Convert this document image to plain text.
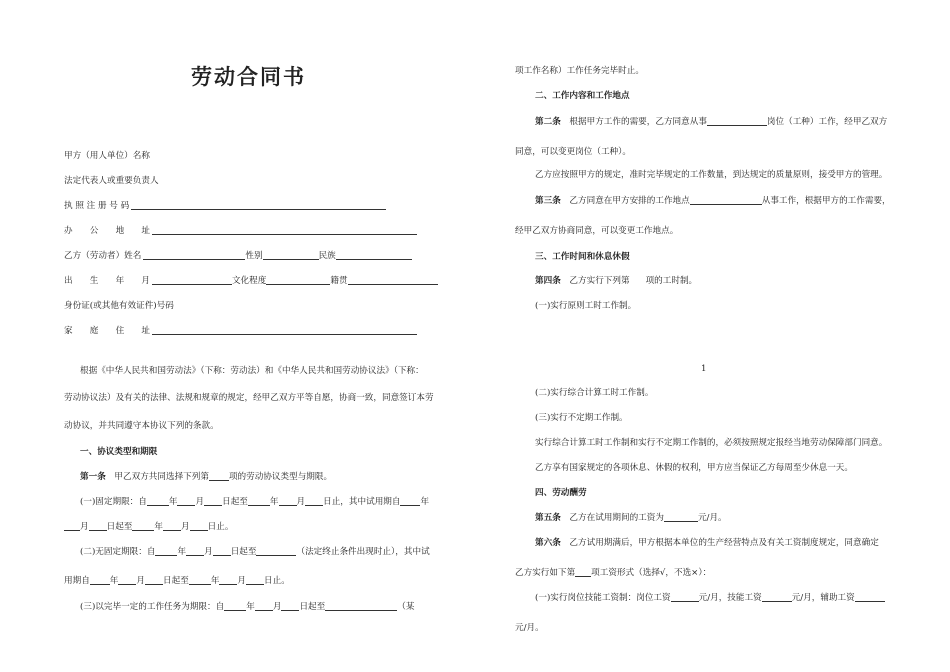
劳动合同书
甲方（用人单位）名称
法定代表人或重要负责人
执 照 注 册 号 码
办　　公　　地　　址
乙方（劳动者）姓名	性别	民族
出　　生　　年　　月	文化程度	籍贯
身份证(或其他有效证件)号码
家　　庭　　住　　址
根据《中华人民共和国劳动法》（下称：劳动法）和《中华人民共和国劳动协议法》（下称：
劳动协议法）及有关的法律、法规和规章的规定，经甲乙双方平等自愿，协商一致，同意签订本劳
动协议，并共同遵守本协议下列的条款。
一、协议类型和期限
第一条　 甲乙双方共同选择下列第 项的劳动协议类型与期限。
(一)固定期限：自	年 月 日起至	年 月 日止，其中试用期自 年
月 日起至	年 月 日止。
(二)无固定期限：自	年 月 日起至	（法定终止条件出现时止），其中试
用期自 年 月 日起至	年 月 日止。
(三)以完毕一定的工作任务为期限：自	年 月 日起至	（某
项工作名称）工作任务完毕时止。
二、工作内容和工作地点
第二条　 根据甲方工作的需要，乙方同意从事	岗位（工种）工作，经甲乙双方
同意，可以变更岗位（工种）。
乙方应按照甲方的规定，准时完毕规定的工作数量，到达规定的质量原则，接受甲方的管理。
第三条　 乙方同意在甲方安排的工作地点	从事工作，根据甲方的工作需要，
经甲乙双方协商同意，可以变更工作地点。
三、工作时间和休息休假
第四条　 乙方实行下列第 项的工时制。
(一)实行原则工时工作制。
1
(二)实行综合计算工时工作制。
(三)实行不定期工作制。
实行综合计算工时工作制和实行不定期工作制的，必须按照规定报经当地劳动保障部门同意。
乙方享有国家规定的各项休息、休假的权利，甲方应当保证乙方每周至少休息一天。
四、劳动酬劳
第五条　 乙方在试用期间的工资为	元/月。
第六条　 乙方试用期满后，甲方根据本单位的生产经营特点及有关工资制度规定，同意确定
乙方实行如下第 项工资形式（选择√，不选×）：
(一)实行岗位技能工资制：岗位工资	元/月，技能工资	元/月，辅助工资
元/月。
